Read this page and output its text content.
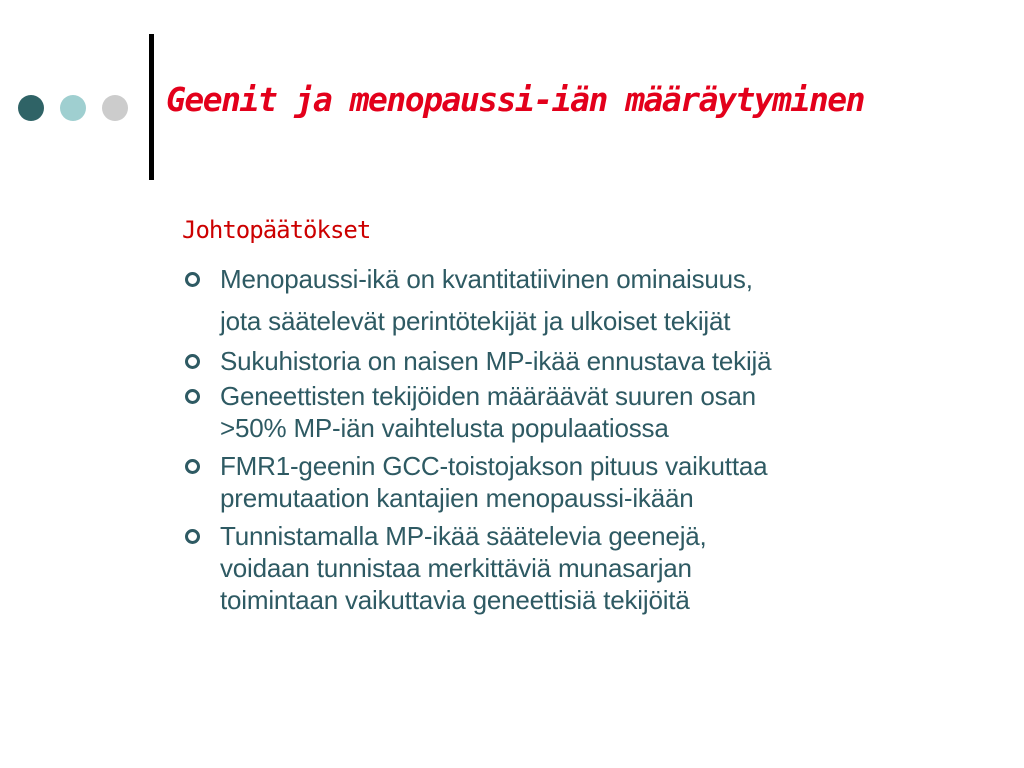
Geenit ja menopaussi-iän määräytyminen
Johtopäätökset
Menopaussi-ikä on kvantitatiivinen ominaisuus,
jota säätelevät perintötekijät ja ulkoiset tekijät
Sukuhistoria on naisen MP-ikää ennustava tekijä
Geneettisten tekijöiden määräävät suuren osan
>50% MP-iän vaihtelusta populaatiossa
FMR1-geenin GCC-toistojakson pituus vaikuttaa
premutaation kantajien menopaussi-ikään
Tunnistamalla MP-ikää säätelevia geenejä,
voidaan tunnistaa merkittäviä munasarjan
toimintaan vaikuttavia geneettisiä tekijöitä
